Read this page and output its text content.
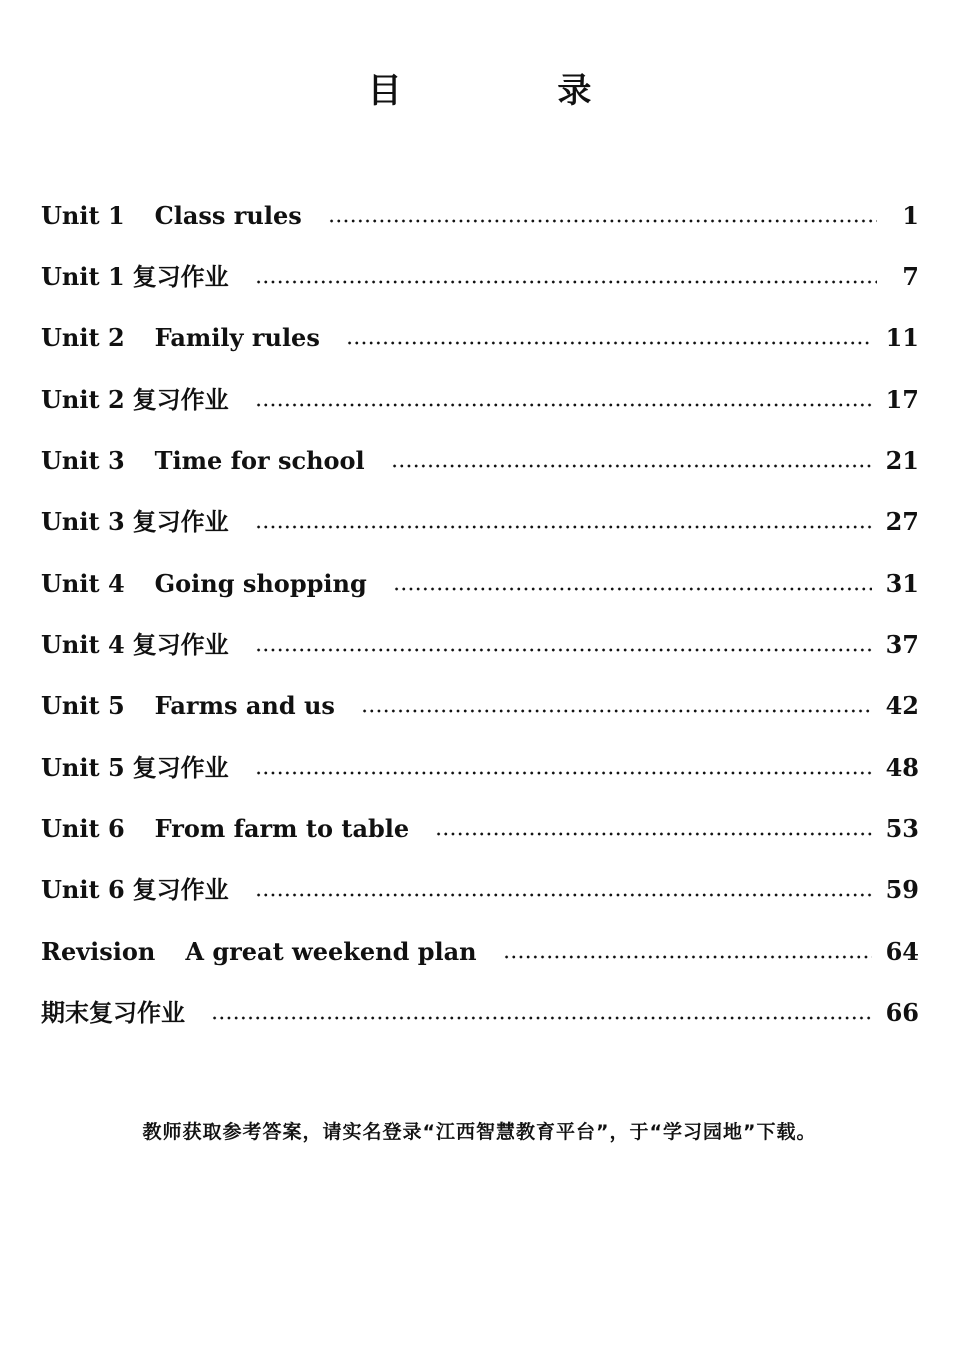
目 录
Unit 1 Class rules	1
Unit 1 复习作业	7
Unit 2 Family rules	11
Unit 2 复习作业	17
Unit 3 Time for school	21
Unit 3 复习作业	27
Unit 4 Going shopping	31
Unit 4 复习作业	37
Unit 5 Farms and us	42
Unit 5 复习作业	48
Unit 6 From farm to table	53
Unit 6 复习作业	59
Revision A great weekend plan	64
期末复习作业	66
教师获取参考答案，请实名登录“江西智慧教育平台”，于“学习园地”下载。
